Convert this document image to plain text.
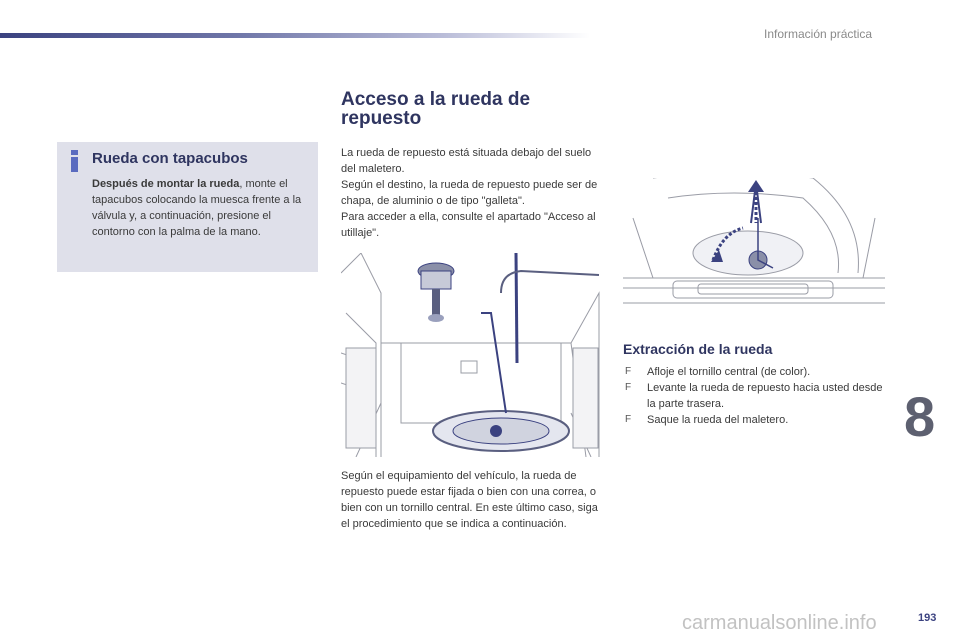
Información práctica
Rueda con tapacubos
Después de montar la rueda, monte el tapacubos colocando la muesca frente a la válvula y, a continuación, presione el contorno con la palma de la mano.
Acceso a la rueda de repuesto
La rueda de repuesto está situada debajo del suelo del maletero.
Según el destino, la rueda de repuesto puede ser de chapa, de aluminio o de tipo "galleta".
Para acceder a ella, consulte el apartado "Acceso al utillaje".
Según el equipamiento del vehículo, la rueda de repuesto puede estar fijada o bien con una correa, o bien con un tornillo central. En este último caso, siga el procedimiento que se indica a continuación.
Extracción de la rueda
F Afloje el tornillo central (de color).
F Levante la rueda de repuesto hacia usted desde la parte trasera.
F Saque la rueda del maletero.	8
carmanualsonline.info	193
